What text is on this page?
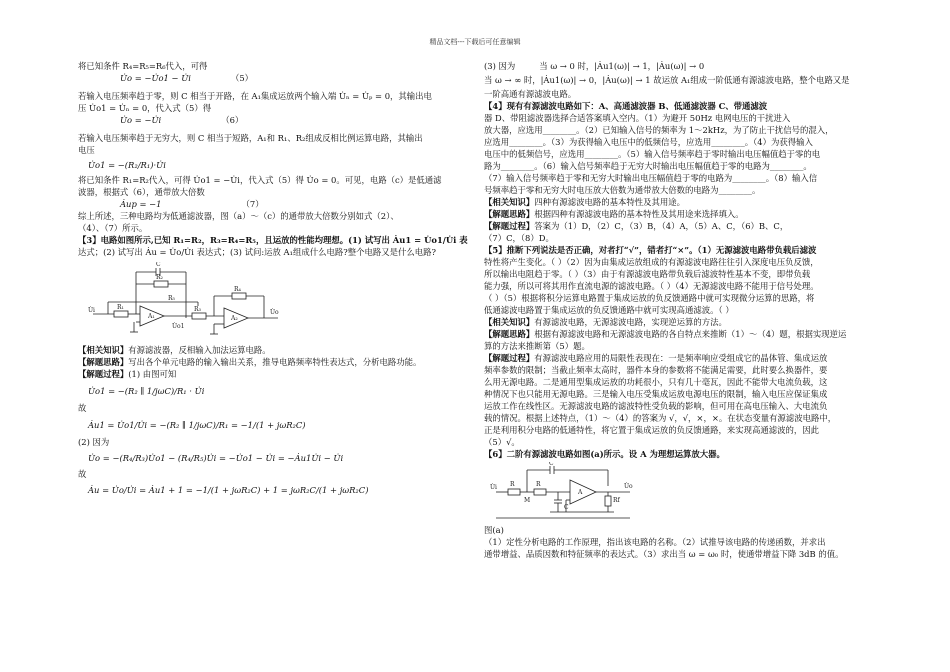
精品文档---下载后可任意编辑
将已知条件 R₄=R₅=R₆代入，可得
U̇o = −U̇o1 − U̇i	（5）
若输入电压频率趋于零，则 C 相当于开路，在 A₁集成运放两个输入端 U̇ₙ = U̇ₚ = 0，其输出电
压 U̇o1 = U̇ₙ = 0，代入式（5）得
U̇o = −U̇i	（6）
若输入电压频率趋于无穷大，则 C 相当于短路，A₁和 R₁、R₂组成反相比例运算电路，其输出
电压
U̇o1 = −(R₂/R₁)·U̇i
将已知条件 R₁=R₂代入，可得 U̇o1 = −U̇i，代入式（5）得 U̇o = 0。可见，电路（c）是低通滤
波器，根据式（6），通带放大倍数
Ȧup = −1	（7）
综上所述，三种电路均为低通滤波器，图（a）～（c）的通带放大倍数分别如式（2）、
（4）、（7）所示。
【3】电路如图所示,已知 R₁=R₂，R₃=R₄=R₅，且运放的性能均理想。(1) 试写出 Ȧu1 = U̇o1/U̇i 表
达式；(2) 试写出 Ȧu = U̇o/U̇i 表达式；(3) 试问:运放 A₁组成什么电路?整个电路又是什么电路?
U̇i	R₁
R₂
C
A₁
U̇o1
R₃
R₄
R₅
A₂
U̇o
【相关知识】有源滤波器，反相输入加法运算电路。
【解题思路】写出各个单元电路的输入输出关系，推导电路频率特性表达式，分析电路功能。
【解题过程】(1) 由图可知
U̇o1 = −(R₂ ∥ 1/jωC)/R₁ · U̇i
故
Ȧu1 = U̇o1/U̇i = −(R₂ ∥ 1/jωC)/R₁ = −1/(1 + jωR₂C)
(2) 因为
U̇o = −(R₄/R₃)U̇o1 − (R₄/R₅)U̇i = −U̇o1 − U̇i = −Ȧu1U̇i − U̇i
故
Ȧu = U̇o/U̇i = Ȧu1 + 1 = −1/(1 + jωR₂C) + 1 = jωR₂C/(1 + jωR₂C)
(3) 因为	当 ω → 0 时，|Ȧu1(ω)| → 1，|Ȧu(ω)| → 0
当 ω → ∞ 时，|Ȧu1(ω)| → 0，|Ȧu(ω)| → 1 故运放 A₁组成一阶低通有源滤波电路，整个电路又是
一阶高通有源滤波电路。
【4】现有有源滤波电路如下：A、高通滤波器 B、低通滤波器 C、带通滤波
器 D、带阻滤波器选择合适答案填入空内。（1）为避开 50Hz 电网电压的干扰进入
放大器，应选用________。（2）已知输入信号的频率为 1～2kHz，为了防止干扰信号的混入，
应选用________。（3）为获得输入电压中的低频信号，应选用________。（4）为获得输入
电压中的低频信号，应选用________。（5）输入信号频率趋于零时输出电压幅值趋于零的电
路为________。（6）输入信号频率趋于无穷大时输出电压幅值趋于零的电路为________。
（7）输入信号频率趋于零和无穷大时输出电压幅值趋于零的电路为________。（8）输入信
号频率趋于零和无穷大时电压放大倍数为通带放大倍数的电路为________。
【相关知识】四种有源滤波电路的基本特性及其用途。
【解题思路】根据四种有源滤波电路的基本特性及其用途来选择填入。
【解题过程】答案为（1）D，（2）C，（3）B，（4）A，（5）A、C，（6）B、C，
（7）C，（8）D。
【5】推断下列说法是否正确，对者打“√”，错者打“×”。（1）无源滤波电路带负载后滤波
特性将产生变化。（ ）（2）因为由集成运放组成的有源滤波电路往往引入深度电压负反馈，
所以输出电阻趋于零。（ ）（3）由于有源滤波电路带负载后滤波特性基本不变，即带负载
能力强，所以可将其用作直流电源的滤波电路。（ ）（4）无源滤波电路不能用于信号处理。
（ ）（5）根据将积分运算电路置于集成运放的负反馈通路中就可实现微分运算的思路，将
低通滤波电路置于集成运放的负反馈通路中就可实现高通滤波。（ ）
【相关知识】有源滤波电路，无源滤波电路，实现逆运算的方法。
【解题思路】根据有源滤波电路和无源滤波电路的各自特点来推断（1）～（4）题，根据实现逆运
算的方法来推断第（5）题。
【解题过程】有源滤波电路应用的局限性表现在：一是频率响应受组成它的晶体管、集成运放
频率参数的限制；当截止频率太高时，器件本身的参数将不能满足需要，此时要么换器件，要
么用无源电路。二是通用型集成运放的功耗很小，只有几十毫瓦，因此不能带大电流负载，这
种情况下也只能用无源电路。三是输入电压受集成运放电源电压的限制，输入电压应保证集成
运放工作在线性区。无源滤波电路的滤波特性受负载的影响，但可用在高电压输入、大电流负
载的情况。根据上述特点，（1）～（4）的答案为 √，√，×，×。在状态变量有源滤波电路中，
正是利用积分电路的低通特性，将它置于集成运放的负反馈通路，来实现高通滤波的，因此
（5）√。
【6】二阶有源滤波电路如图(a)所示。设 A 为理想运算放大器。
U̇i R	R
C
M
C
A
Rf
U̇o
图(a)
（1）定性分析电路的工作原理，指出该电路的名称。（2）试推导该电路的传递函数，并求出
通带增益、品质因数和特征频率的表达式。（3）求出当 ω = ω₀ 时，使通带增益下降 3dB 的值。
